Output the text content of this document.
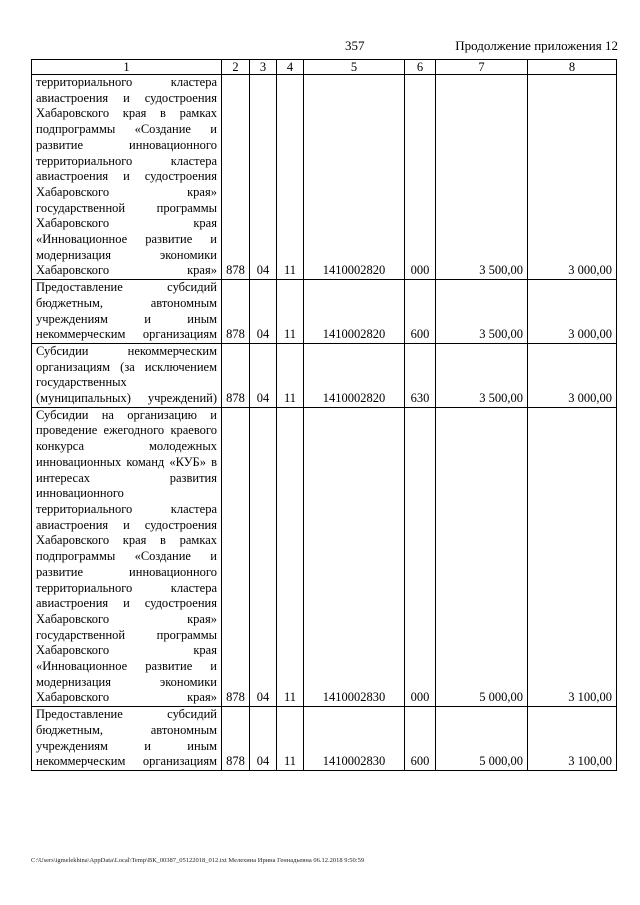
357	Продолжение приложения 12
1	2	3	4	5	6	7	8
территориального кластера авиастроения и судостроения Хабаровского края в рамках подпрограммы «Создание и развитие инновационного территориального кластера авиастроения и судостроения Хабаровского края» государственной программы Хабаровского края «Инновационное развитие и модернизация экономики Хабаровского края»	878	04	11	1410002820	000	3 500,00	3 000,00
Предоставление субсидий бюджетным, автономным учреждениям и иным некоммерческим организациям	878	04	11	1410002820	600	3 500,00	3 000,00
Субсидии некоммерческим организациям (за исключением государственных (муниципальных) учреждений)	878	04	11	1410002820	630	3 500,00	3 000,00
Субсидии на организацию и проведение ежегодного краевого конкурса молодежных инновационных команд «КУБ» в интересах развития инновационного территориального кластера авиастроения и судостроения Хабаровского края в рамках подпрограммы «Создание и развитие инновационного территориального кластера авиастроения и судостроения Хабаровского края» государственной программы Хабаровского края «Инновационное развитие и модернизация экономики Хабаровского края»	878	04	11	1410002830	000	5 000,00	3 100,00
Предоставление субсидий бюджетным, автономным учреждениям и иным некоммерческим организациям	878	04	11	1410002830	600	5 000,00	3 100,00
C:\Users\igmelekhina\AppData\Local\Temp\ВК_00387_05122018_012.txt Мелехина Ирина Геннадьевна 06.12.2018 9:50:59
